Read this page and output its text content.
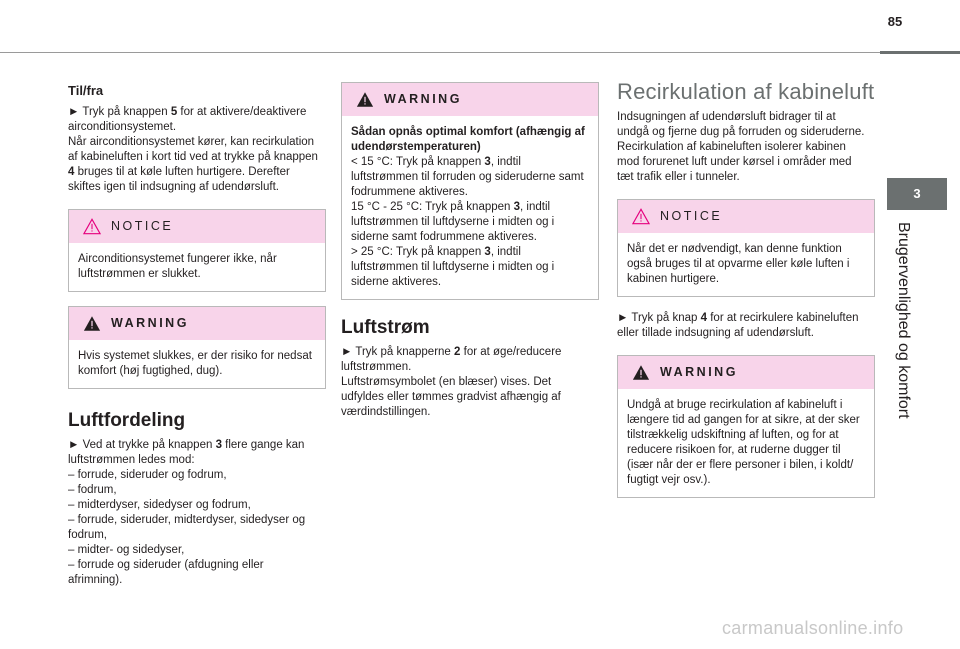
85
3
Brugervenlighed og komfort
Til/fra
► Tryk på knappen 5 for at aktivere/deaktivere
airconditionsystemet.
Når airconditionsystemet kører, kan recirkulation
af kabineluften i kort tid ved at trykke på knappen
4 bruges til at køle luften hurtigere. Derefter
skiftes igen til indsugning af udendørsluft.
NOTICE
Airconditionsystemet fungerer ikke, når
luftstrømmen er slukket.
WARNING
Hvis systemet slukkes, er der risiko for nedsat
komfort (høj fugtighed, dug).
Luftfordeling
► Ved at trykke på knappen 3 flere gange kan
luftstrømmen ledes mod:
– forrude, sideruder og fodrum,
– fodrum,
– midterdyser, sidedyser og fodrum,
– forrude, sideruder, midterdyser, sidedyser og
fodrum,
– midter- og sidedyser,
– forrude og sideruder (afdugning eller
afrimning).
WARNING
Sådan opnås optimal komfort (afhængig af
udendørstemperaturen)
< 15 °C: Tryk på knappen 3, indtil
luftstrømmen til forruden og sideruderne samt
fodrummene aktiveres.
15 °C - 25 °C: Tryk på knappen 3, indtil
luftstrømmen til luftdyserne i midten og i
siderne samt fodrummene aktiveres.
> 25 °C: Tryk på knappen 3, indtil
luftstrømmen til luftdyserne i midten og i
siderne aktiveres.
Luftstrøm
► Tryk på knapperne 2 for at øge/reducere
luftstrømmen.
Luftstrømsymbolet (en blæser) vises. Det
udfyldes eller tømmes gradvist afhængig af
værdindstillingen.
Recirkulation af kabineluft
Indsugningen af udendørsluft bidrager til at
undgå og fjerne dug på forruden og sideruderne.
Recirkulation af kabineluften isolerer kabinen
mod forurenet luft under kørsel i områder med
tæt trafik eller i tunneler.
NOTICE
Når det er nødvendigt, kan denne funktion
også bruges til at opvarme eller køle luften i
kabinen hurtigere.
► Tryk på knap 4 for at recirkulere kabineluften
eller tillade indsugning af udendørsluft.
WARNING
Undgå at bruge recirkulation af kabineluft i
længere tid ad gangen for at sikre, at der sker
tilstrækkelig udskiftning af luften, og for at
reducere risikoen for, at ruderne dugger til
(især når der er flere personer i bilen, i koldt/
fugtigt vejr osv.).
carmanualsonline.info
